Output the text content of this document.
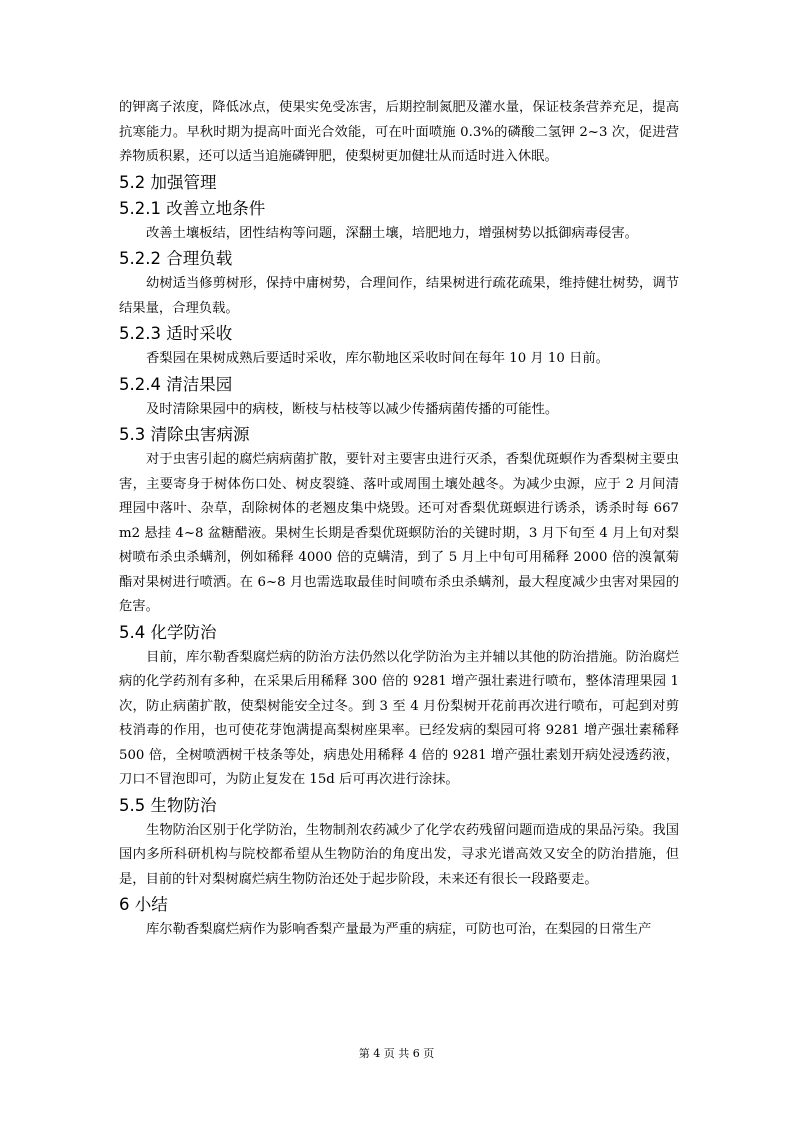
的钾离子浓度，降低冰点，使果实免受冻害，后期控制氮肥及灌水量，保证枝条营养充足，提高抗寒能力。早秋时期为提高叶面光合效能，可在叶面喷施 0.3%的磷酸二氢钾 2~3 次，促进营养物质积累，还可以适当追施磷钾肥，使梨树更加健壮从而适时进入休眠。

5.2 加强管理
5.2.1 改善立地条件

改善土壤板结，团性结构等问题，深翻土壤，培肥地力，增强树势以抵御病毒侵害。

5.2.2 合理负载

幼树适当修剪树形，保持中庸树势，合理间作，结果树进行疏花疏果，维持健壮树势，调节结果量，合理负载。

5.2.3 适时采收

香梨园在果树成熟后要适时采收，库尔勒地区采收时间在每年 10 月 10 日前。

5.2.4 清洁果园

及时清除果园中的病枝，断枝与枯枝等以减少传播病菌传播的可能性。

5.3 清除虫害病源

对于虫害引起的腐烂病病菌扩散，要针对主要害虫进行灭杀，香梨优斑螟作为香梨树主要虫害，主要寄身于树体伤口处、树皮裂缝、落叶或周围土壤处越冬。为减少虫源，应于 2 月间清理园中落叶、杂草，刮除树体的老翘皮集中烧毁。还可对香梨优斑螟进行诱杀，诱杀时每 667 m2 悬挂 4~8 盆糖醋液。果树生长期是香梨优斑螟防治的关键时期，3 月下旬至 4 月上旬对梨树喷布杀虫杀螨剂，例如稀释 4000 倍的克螨清，到了 5 月上中旬可用稀释 2000 倍的溴氰菊酯对果树进行喷洒。在 6~8 月也需选取最佳时间喷布杀虫杀螨剂，最大程度减少虫害对果园的危害。

5.4 化学防治

目前，库尔勒香梨腐烂病的防治方法仍然以化学防治为主并辅以其他的防治措施。防治腐烂病的化学药剂有多种，在采果后用稀释 300 倍的 9281 增产强壮素进行喷布，整体清理果园 1 次，防止病菌扩散，使梨树能安全过冬。到 3 至 4 月份梨树开花前再次进行喷布，可起到对剪枝消毒的作用，也可使花芽饱满提高梨树座果率。已经发病的梨园可将 9281 增产强壮素稀释 500 倍，全树喷洒树干枝条等处，病患处用稀释 4 倍的 9281 增产强壮素划开病处浸透药液，刀口不冒泡即可，为防止复发在 15d 后可再次进行涂抹。

5.5 生物防治

生物防治区别于化学防治，生物制剂农药减少了化学农药残留问题而造成的果品污染。我国国内多所科研机构与院校都希望从生物防治的角度出发，寻求光谱高效又安全的防治措施，但是，目前的针对梨树腐烂病生物防治还处于起步阶段，未来还有很长一段路要走。

6 小结

库尔勒香梨腐烂病作为影响香梨产量最为严重的病症，可防也可治，在梨园的日常生产

第 4 页 共 6 页
